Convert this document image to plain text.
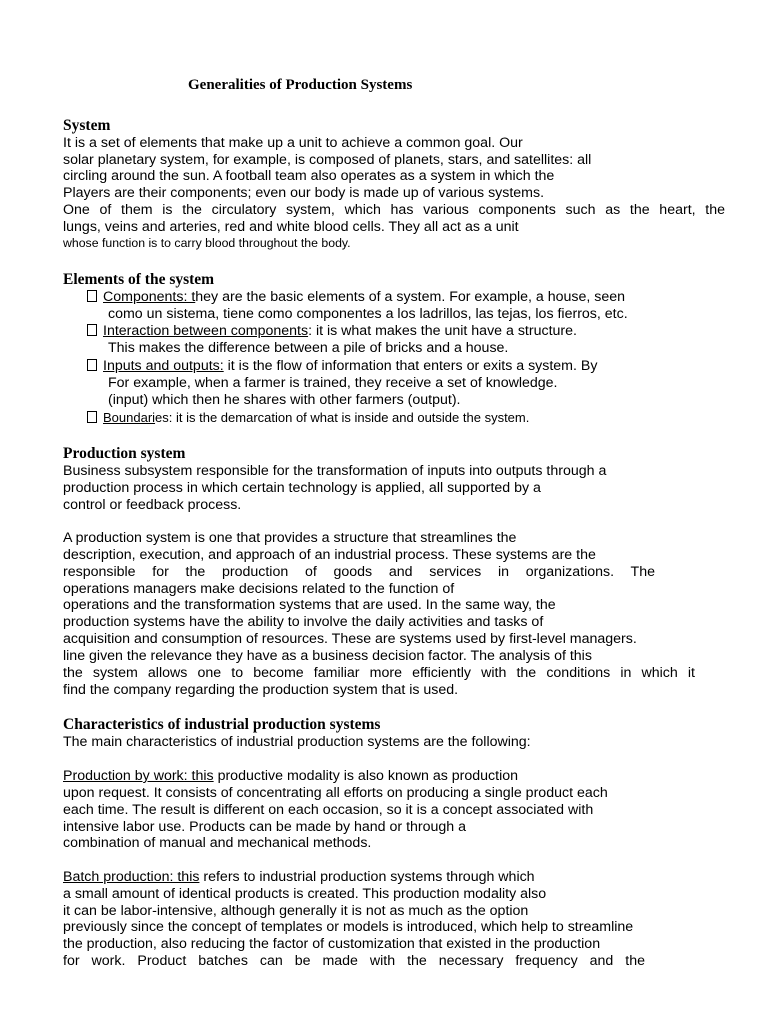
Generalities of Production Systems
System
It is a set of elements that make up a unit to achieve a common goal. Our
solar planetary system, for example, is composed of planets, stars, and satellites: all
circling around the sun. A football team also operates as a system in which the
Players are their components; even our body is made up of various systems.
One of them is the circulatory system, which has various components such as the heart, the
lungs, veins and arteries, red and white blood cells. They all act as a unit
whose function is to carry blood throughout the body.
Elements of the system
Components: they are the basic elements of a system. For example, a house, seen
como un sistema, tiene como componentes a los ladrillos, las tejas, los fierros, etc.
Interaction between components: it is what makes the unit have a structure.
This makes the difference between a pile of bricks and a house.
Inputs and outputs: it is the flow of information that enters or exits a system. By
For example, when a farmer is trained, they receive a set of knowledge.
(input) which then he shares with other farmers (output).
Boundaries: it is the demarcation of what is inside and outside the system.
Production system
Business subsystem responsible for the transformation of inputs into outputs through a
production process in which certain technology is applied, all supported by a
control or feedback process.
A production system is one that provides a structure that streamlines the
description, execution, and approach of an industrial process. These systems are the
responsible for the production of goods and services in organizations. The
operations managers make decisions related to the function of
operations and the transformation systems that are used. In the same way, the
production systems have the ability to involve the daily activities and tasks of
acquisition and consumption of resources. These are systems used by first-level managers.
line given the relevance they have as a business decision factor. The analysis of this
the system allows one to become familiar more efficiently with the conditions in which it
find the company regarding the production system that is used.
Characteristics of industrial production systems
The main characteristics of industrial production systems are the following:
Production by work: this productive modality is also known as production
upon request. It consists of concentrating all efforts on producing a single product each
each time. The result is different on each occasion, so it is a concept associated with
intensive labor use. Products can be made by hand or through a
combination of manual and mechanical methods.
Batch production: this refers to industrial production systems through which
a small amount of identical products is created. This production modality also
it can be labor-intensive, although generally it is not as much as the option
previously since the concept of templates or models is introduced, which help to streamline
the production, also reducing the factor of customization that existed in the production
for work. Product batches can be made with the necessary frequency and the
